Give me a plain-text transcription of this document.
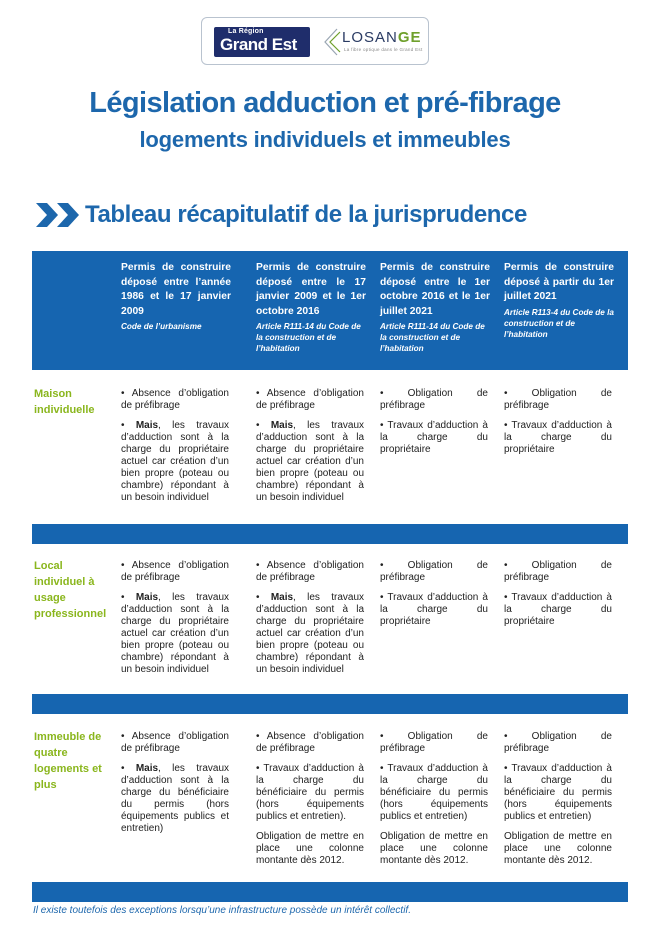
La Région
Grand Est	LOSANGE
La fibre optique dans le Grand Est
Législation adduction et pré-fibrage
logements individuels et immeubles
Tableau récapitulatif de la jurisprudence
Permis de construire déposé entre l’année 1986 et le 17 janvier 2009
Code de l’urbanisme
Permis de construire déposé entre le 17 janvier 2009 et le 1er octobre 2016
Article R111-14 du Code de la construction et de l’habitation
Permis de construire déposé entre le 1er octobre 2016 et le 1er juillet 2021
Article R111-14 du Code de la construction et de l’habitation
Permis de construire déposé à partir du 1er juillet 2021
Article R113-4 du Code de la construction et de l’habitation
Maison individuelle

• Absence d’obligation de préfibrage

• Mais, les travaux d’adduction sont à la charge du propriétaire actuel car création d’un bien propre (poteau ou chambre) répondant à un besoin individuel

• Absence d’obligation de préfibrage

• Mais, les travaux d’adduction sont à la charge du propriétaire actuel car création d’un bien propre (poteau ou chambre) répondant à un besoin individuel

• Obligation de préfibrage

• Travaux d’adduction à la charge du propriétaire

• Obligation de préfibrage

• Travaux d’adduction à la charge du propriétaire

Local individuel à usage professionnel

• Absence d’obligation de préfibrage

• Mais, les travaux d’adduction sont à la charge du propriétaire actuel car création d’un bien propre (poteau ou chambre) répondant à un besoin individuel

• Absence d’obligation de préfibrage

• Mais, les travaux d’adduction sont à la charge du propriétaire actuel car création d’un bien propre (poteau ou chambre) répondant à un besoin individuel

• Obligation de préfibrage

• Travaux d’adduction à la charge du propriétaire

• Obligation de préfibrage

• Travaux d’adduction à la charge du propriétaire

Immeuble de quatre logements et plus

• Absence d’obligation de préfibrage

• Mais, les travaux d’adduction sont à la charge du bénéficiaire du permis (hors équipements publics et entretien)

• Absence d’obligation de préfibrage

• Travaux d’adduction à la charge du bénéficiaire du permis (hors équipements publics et entretien).

Obligation de mettre en place une colonne montante dès 2012.

• Obligation de préfibrage

• Travaux d’adduction à la charge du bénéficiaire du permis (hors équipements publics et entretien)

Obligation de mettre en place une colonne montante dès 2012.

• Obligation de préfibrage

• Travaux d’adduction à la charge du bénéficiaire du permis (hors équipements publics et entretien)

Obligation de mettre en place une colonne montante dès 2012.

Il existe toutefois des exceptions lorsqu’une infrastructure possède un intérêt collectif.
